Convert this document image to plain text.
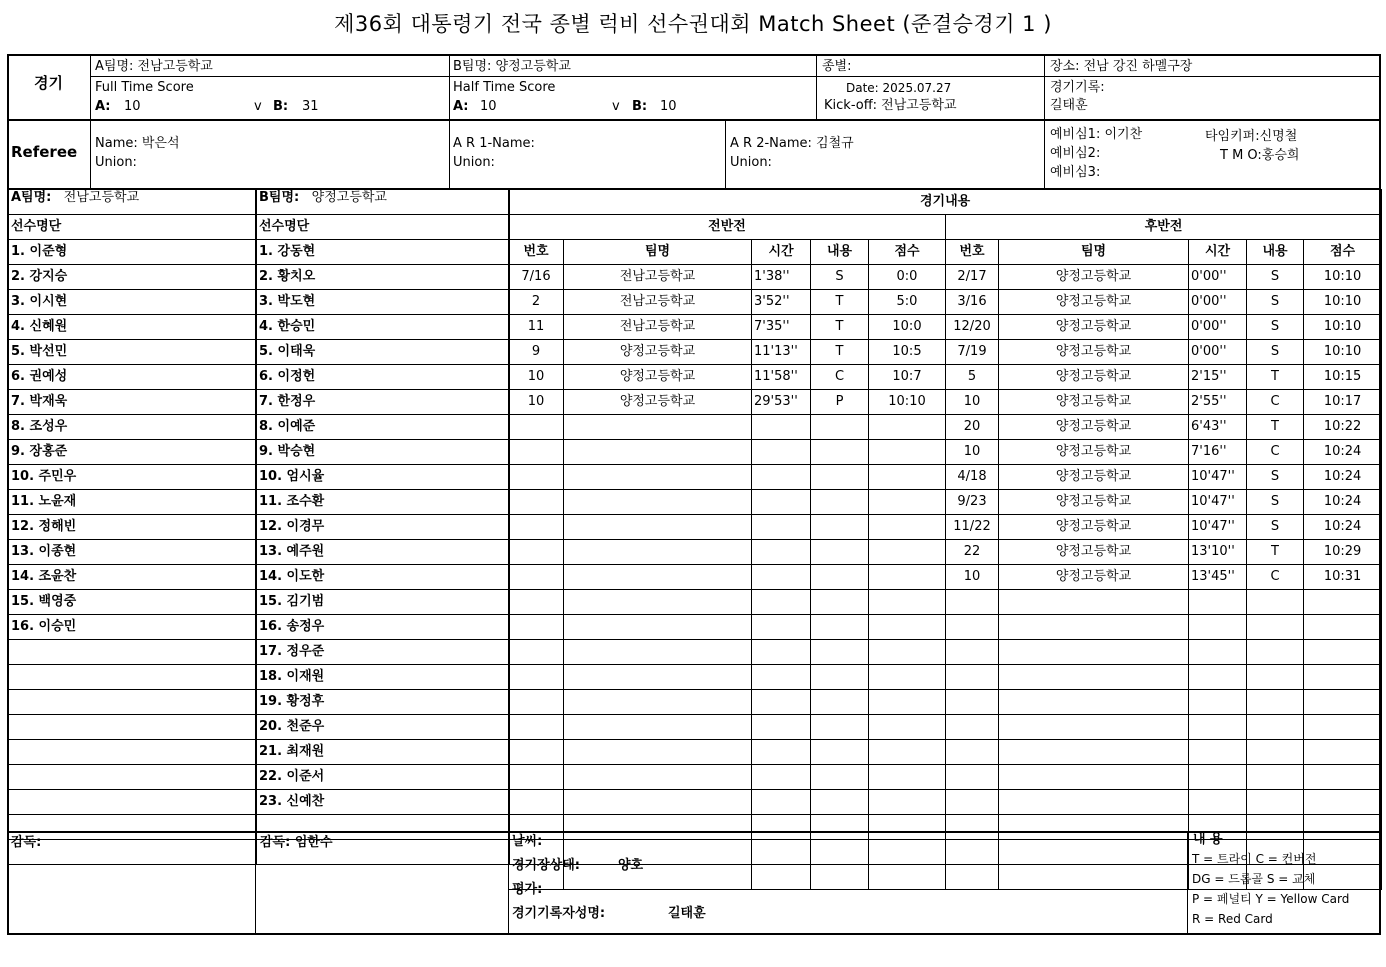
제36회 대통령기 전국 종별 럭비 선수권대회 Match Sheet (준결승경기 1 )
경기
A팀명: 전남고등학교	B팀명: 양정고등학교	종별:	장소: 전남 강진 하멜구장
Full Time Score
A: 10	v B: 31
Half Time Score
A: 10	v B: 10
Date: 2025.07.27
Kick-off: 전남고등학교
경기기록:
길태훈
Referee Name: 박은석
Union:
A R 1-Name:
Union:
A R 2-Name: 김철규
Union:
예비심1: 이기찬
예비심2:
예비심3:
타임키퍼:신명철
T M O:홍승희
A팀명: 전남고등학교

선수명단
1. 이준형
2. 강지승
3. 이시현
4. 신혜원
5. 박선민
6. 권예성
7. 박재욱
8. 조성우
9. 장홍준
10. 주민우
11. 노윤재
12. 정해빈
13. 이종현
14. 조윤찬
15. 백영중
16. 이승민

B팀명: 양정고등학교

선수명단
1. 강동현
2. 황치오
3. 박도현
4. 한승민
5. 이태욱
6. 이정헌
7. 한정우
8. 이예준
9. 박승현
10. 엄시율
11. 조수환
12. 이경무
13. 예주원
14. 이도한
15. 김기범
16. 송정우
17. 정우준
18. 이재원
19. 황정후
20. 천준우
21. 최재원
22. 이준서
23. 신예찬

경기내용									
전반전					후반전				
번호	팀명	시간	내용	점수	번호	팀명	시간	내용	점수
7/16	전남고등학교	1'38''	S	0:0	2/17	양정고등학교	0'00''	S	10:10
2	전남고등학교	3'52''	T	5:0	3/16	양정고등학교	0'00''	S	10:10
11	전남고등학교	7'35''	T	10:0	12/20	양정고등학교	0'00''	S	10:10
9	양정고등학교	11'13''	T	10:5	7/19	양정고등학교	0'00''	S	10:10
10	양정고등학교	11'58''	C	10:7	5	양정고등학교	2'15''	T	10:15
10	양정고등학교	29'53''	P	10:10	10	양정고등학교	2'55''	C	10:17
					20	양정고등학교	6'43''	T	10:22
					10	양정고등학교	7'16''	C	10:24
					4/18	양정고등학교	10'47''	S	10:24
					9/23	양정고등학교	10'47''	S	10:24
					11/22	양정고등학교	10'47''	S	10:24
					22	양정고등학교	13'10''	T	10:29
					10	양정고등학교	13'45''	C	10:31

감독:	감독: 임한수	날씨:
경기장상태:	양호
평가:
경기기록자성명:	길태훈
내 용
T = 트라이 C = 컨버전
DG = 드롭골 S = 교체
P = 페널티 Y = Yellow Card
R = Red Card
